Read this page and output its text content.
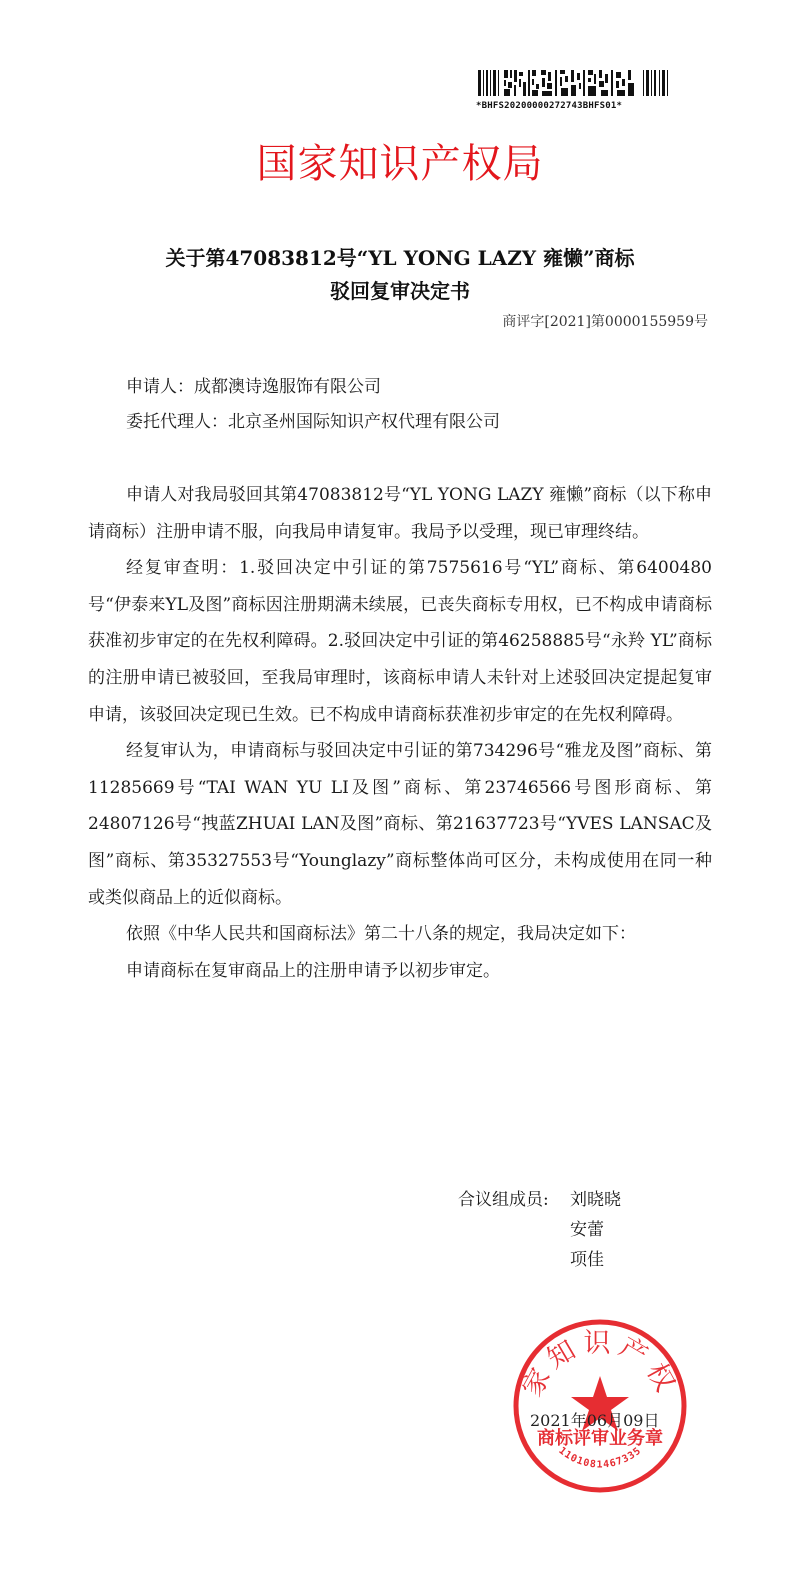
*BHFS20200000272743BHFS01*
国家知识产权局
关于第47083812号“YL YONG LAZY 雍懒”商标
驳回复审决定书
商评字[2021]第0000155959号
申请人：成都澳诗逸服饰有限公司
委托代理人：北京圣州国际知识产权代理有限公司

申请人对我局驳回其第47083812号“YL YONG LAZY 雍懒”商标（以下称申请商标）注册申请不服，向我局申请复审。我局予以受理，现已审理终结。

经复审查明：1.驳回决定中引证的第7575616号“YL”商标、第6400480号“伊泰来YL及图”商标因注册期满未续展，已丧失商标专用权，已不构成申请商标获准初步审定的在先权利障碍。2.驳回决定中引证的第46258885号“永羚 YL”商标的注册申请已被驳回，至我局审理时，该商标申请人未针对上述驳回决定提起复审申请，该驳回决定现已生效。已不构成申请商标获准初步审定的在先权利障碍。

经复审认为，申请商标与驳回决定中引证的第734296号“雅龙及图”商标、第11285669号“TAI WAN YU LI及图”商标、第23746566号图形商标、第24807126号“拽蓝ZHUAI LAN及图”商标、第21637723号“YVES LANSAC及图”商标、第35327553号“Younglazy”商标整体尚可区分，未构成使用在同一种或类似商品上的近似商标。

依照《中华人民共和国商标法》第二十八条的规定，我局决定如下：

申请商标在复审商品上的注册申请予以初步审定。

合议组成员:	刘晓晓
安蕾
项佳
家知识产权
商标评审业务章
1101081467335
2021年06月09日
